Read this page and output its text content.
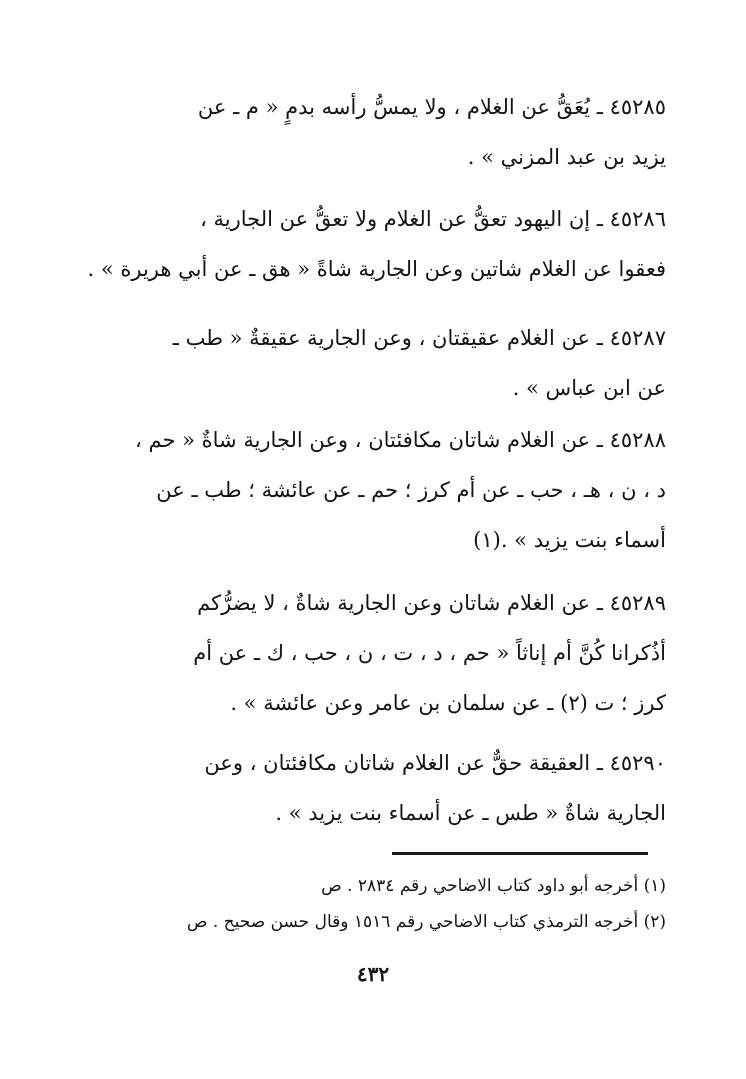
٤٥٢٨٥ ـ يُعَقُّ عن الغلام ، ولا يمسُّ رأسه بدمٍ « م ـ عن
يزيد بن عبد المزني » .
٤٥٢٨٦ ـ إن اليهود تعقُّ عن الغلام ولا تعقُّ عن الجارية ،
فعقوا عن الغلام شاتين وعن الجارية شاةً « هق ـ عن أبي هريرة » .
٤٥٢٨٧ ـ عن الغلام عقيقتان ، وعن الجارية عقيقةٌ « طب ـ
عن ابن عباس » .
٤٥٢٨٨ ـ عن الغلام شاتان مكافئتان ، وعن الجارية شاةٌ « حم ،
د ، ن ، هـ ، حب ـ عن أم كرز ؛ حم ـ عن عائشة ؛ طب ـ عن
أسماء بنت يزيد » .(١)
٤٥٢٨٩ ـ عن الغلام شاتان وعن الجارية شاةٌ ، لا يضرُّكم
أذُكرانا كُنَّ أم إناثاً « حم ، د ، ت ، ن ، حب ، ك ـ عن أم
كرز ؛ ت (٢) ـ عن سلمان بن عامر وعن عائشة » .
٤٥٢٩٠ ـ العقيقة حقٌّ عن الغلام شاتان مكافئتان ، وعن
الجارية شاةٌ « طس ـ عن أسماء بنت يزيد » .
(١) أخرجه أبو داود كتاب الاضاحي رقم ٢٨٣٤ . ص
(٢) أخرجه الترمذي كتاب الاضاحي رقم ١٥١٦ وقال حسن صحيح . ص
٤٣٢
